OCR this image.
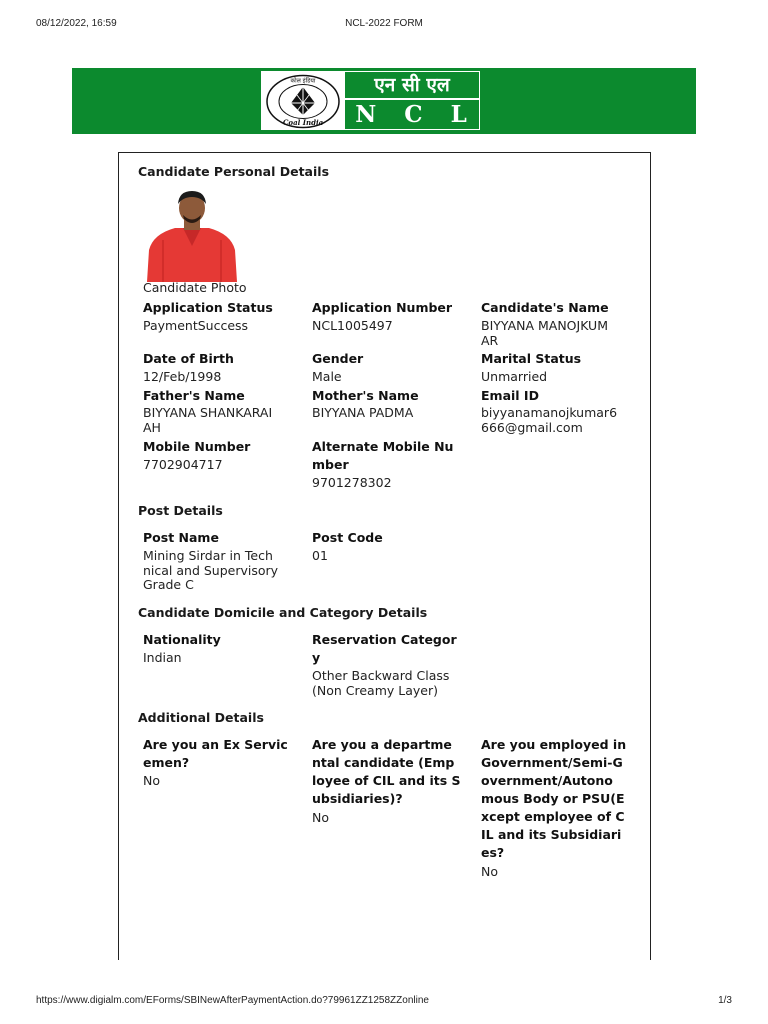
08/12/2022, 16:59	NCL-2022 FORM
कोल इंडिया
Coal India
एन सी एल
N C L
Candidate Personal Details
Candidate Photo
Application Status
PaymentSuccess
Application Number
NCL1005497
Candidate's Name
BIYYANA MANOJKUM
AR
Date of Birth
12/Feb/1998
Gender
Male
Marital Status
Unmarried
Father's Name
BIYYANA SHANKARAI
AH
Mother's Name
BIYYANA PADMA
Email ID
biyyanamanojkumar6
666@gmail.com
Mobile Number
7702904717
Alternate Mobile Nu
mber
9701278302
Post Details
Post Name
Mining Sirdar in Tech
nical and Supervisory
Grade C
Post Code
01
Candidate Domicile and Category Details
Nationality
Indian
Reservation Categor
y
Other Backward Class
(Non Creamy Layer)
Additional Details
Are you an Ex Servic
emen?
No
Are you a departme
ntal candidate (Emp
loyee of CIL and its S
ubsidiaries)?
No
Are you employed in
Government/Semi-G
overnment/Autono
mous Body or PSU(E
xcept employee of C
IL and its Subsidiari
es?
No
https://www.digialm.com/EForms/SBINewAfterPaymentAction.do?79961ZZ1258ZZonline	1/3
